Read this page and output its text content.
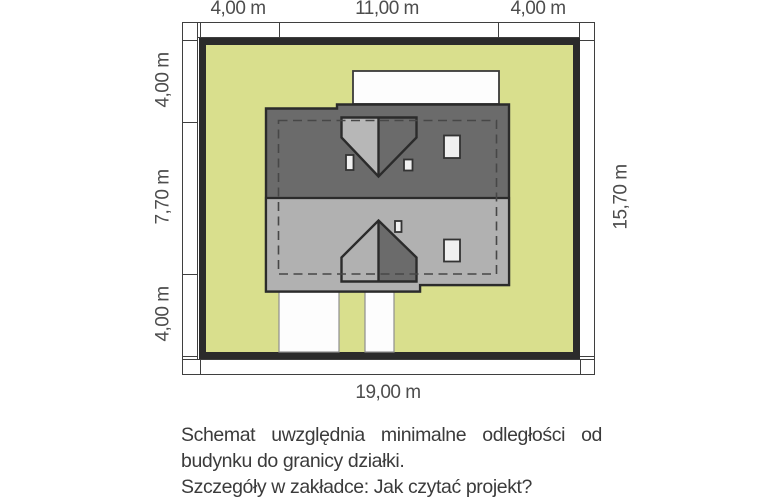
4,00 m	11,00 m	4,00 m
4,00 m
7,70 m
4,00 m
15,70 m
19,00 m
Schemat uwzględnia minimalne odległości od
budynku do granicy działki.
Szczegóły w zakładce: Jak czytać projekt?
